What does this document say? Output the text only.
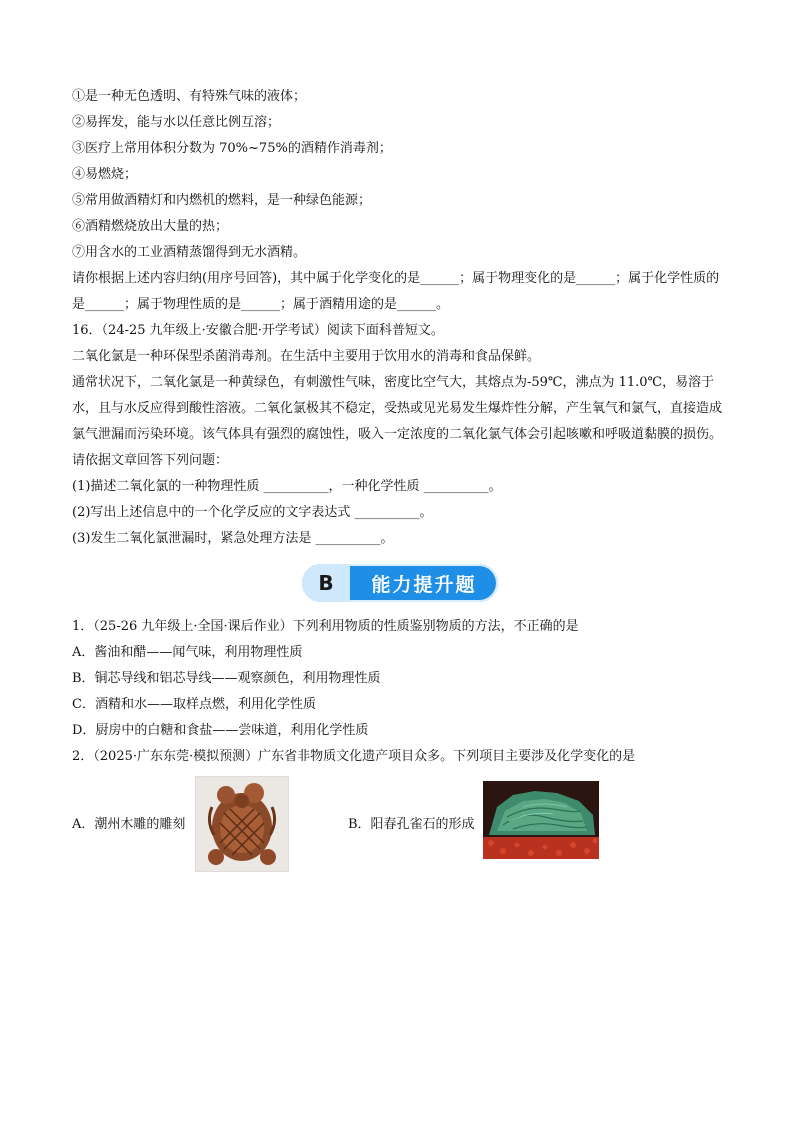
①是一种无色透明、有特殊气味的液体；
②易挥发，能与水以任意比例互溶；
③医疗上常用体积分数为 70%~75%的酒精作消毒剂；
④易燃烧；
⑤常用做酒精灯和内燃机的燃料，是一种绿色能源；
⑥酒精燃烧放出大量的热；
⑦用含水的工业酒精蒸馏得到无水酒精。
请你根据上述内容归纳(用序号回答)，其中属于化学变化的是______；属于物理变化的是______；属于化学性质的是______；属于物理性质的是______；属于酒精用途的是______。
16．（24-25 九年级上·安徽合肥·开学考试）阅读下面科普短文。
二氧化氯是一种环保型杀菌消毒剂。在生活中主要用于饮用水的消毒和食品保鲜。
通常状况下，二氧化氯是一种黄绿色，有刺激性气味，密度比空气大，其熔点为-59℃，沸点为 11.0℃，易溶于水，且与水反应得到酸性溶液。二氧化氯极其不稳定，受热或见光易发生爆炸性分解，产生氧气和氯气，直接造成氯气泄漏而污染环境。该气体具有强烈的腐蚀性，吸入一定浓度的二氧化氯气体会引起咳嗽和呼吸道黏膜的损伤。
请依据文章回答下列问题：
(1)描述二氧化氯的一种物理性质 __________，一种化学性质 __________。
(2)写出上述信息中的一个化学反应的文字表达式 __________。
(3)发生二氧化氯泄漏时，紧急处理方法是 __________。
B	能力提升题
1．（25-26 九年级上·全国·课后作业）下列利用物质的性质鉴别物质的方法，不正确的是
A．酱油和醋——闻气味，利用物理性质
B．铜芯导线和铝芯导线——观察颜色，利用物理性质
C．酒精和水——取样点燃，利用化学性质
D．厨房中的白糖和食盐——尝味道，利用化学性质
2．（2025·广东东莞·模拟预测）广东省非物质文化遗产项目众多。下列项目主要涉及化学变化的是
A．潮州木雕的雕刻	B．阳春孔雀石的形成
